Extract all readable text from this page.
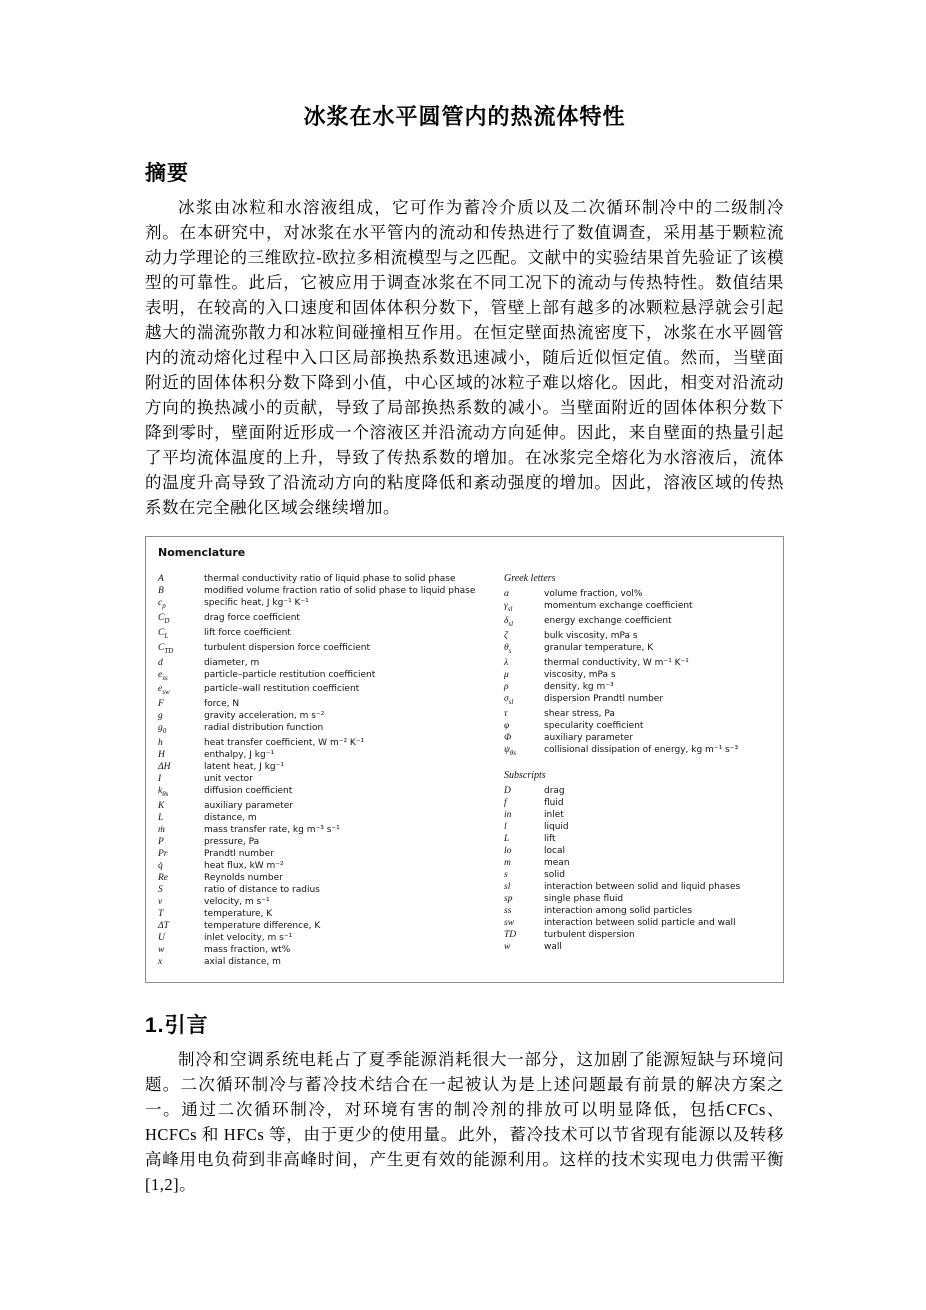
冰浆在水平圆管内的热流体特性
摘要

冰浆由冰粒和水溶液组成，它可作为蓄冷介质以及二次循环制冷中的二级制冷剂。在本研究中，对冰浆在水平管内的流动和传热进行了数值调查，采用基于颗粒流动力学理论的三维欧拉-欧拉多相流模型与之匹配。文献中的实验结果首先验证了该模型的可靠性。此后，它被应用于调查冰浆在不同工况下的流动与传热特性。数值结果表明，在较高的入口速度和固体体积分数下，管壁上部有越多的冰颗粒悬浮就会引起越大的湍流弥散力和冰粒间碰撞相互作用。在恒定壁面热流密度下，冰浆在水平圆管内的流动熔化过程中入口区局部换热系数迅速减小，随后近似恒定值。然而，当壁面附近的固体体积分数下降到小值，中心区域的冰粒子难以熔化。因此，相变对沿流动方向的换热减小的贡献，导致了局部换热系数的减小。当壁面附近的固体体积分数下降到零时，壁面附近形成一个溶液区并沿流动方向延伸。因此，来自壁面的热量引起了平均流体温度的上升，导致了传热系数的增加。在冰浆完全熔化为水溶液后，流体的温度升高导致了沿流动方向的粘度降低和紊动强度的增加。因此，溶液区域的传热系数在完全融化区域会继续增加。

Nomenclature
A	thermal conductivity ratio of liquid phase to solid phase
B	modified volume fraction ratio of solid phase to liquid phase
$c_p$	specific heat, J kg⁻¹ K⁻¹
$C_D$	drag force coefficient
$C_L$	lift force coefficient
$C_{TD}$	turbulent dispersion force coefficient
d	diameter, m
$e_{ss}$	particle–particle restitution coefficient
$e_{sw}$	particle–wall restitution coefficient
F	force, N
g	gravity acceleration, m s⁻²
$g_0$	radial distribution function
h	heat transfer coefficient, W m⁻² K⁻¹
H	enthalpy, J kg⁻¹
ΔH	latent heat, J kg⁻¹
I	unit vector
$k_{\theta s}$	diffusion coefficient
K	auxiliary parameter
L	distance, m
ṁ	mass transfer rate, kg m⁻³ s⁻¹
P	pressure, Pa
Pr	Prandtl number
q̇	heat flux, kW m⁻²
Re	Reynolds number
S	ratio of distance to radius
v	velocity, m s⁻¹
T	temperature, K
ΔT	temperature difference, K
U	inlet velocity, m s⁻¹
w	mass fraction, wt%
x	axial distance, m
Greek letters
α	volume fraction, vol%
$\gamma_{sl}$	momentum exchange coefficient
$\delta_{sl}$	energy exchange coefficient
ζ	bulk viscosity, mPa s
$\theta_s$	granular temperature, K
λ	thermal conductivity, W m⁻¹ K⁻¹
μ	viscosity, mPa s
ρ	density, kg m⁻³
$\sigma_{sl}$	dispersion Prandtl number
τ	shear stress, Pa
φ	specularity coefficient
Φ	auxiliary parameter
$\psi_{\theta s}$	collisional dissipation of energy, kg m⁻¹ s⁻³
Subscripts
D	drag
f	fluid
in	inlet
l	liquid
L	lift
lo	local
m	mean
s	solid
sl	interaction between solid and liquid phases
sp	single phase fluid
ss	interaction among solid particles
sw	interaction between solid particle and wall
TD	turbulent dispersion
w	wall
1.引言

制冷和空调系统电耗占了夏季能源消耗很大一部分，这加剧了能源短缺与环境问题。二次循环制冷与蓄冷技术结合在一起被认为是上述问题最有前景的解决方案之一。通过二次循环制冷，对环境有害的制冷剂的排放可以明显降低，包括CFCs、HCFCs 和 HFCs 等，由于更少的使用量。此外，蓄冷技术可以节省现有能源以及转移高峰用电负荷到非高峰时间，产生更有效的能源利用。这样的技术实现电力供需平衡[1,2]。
